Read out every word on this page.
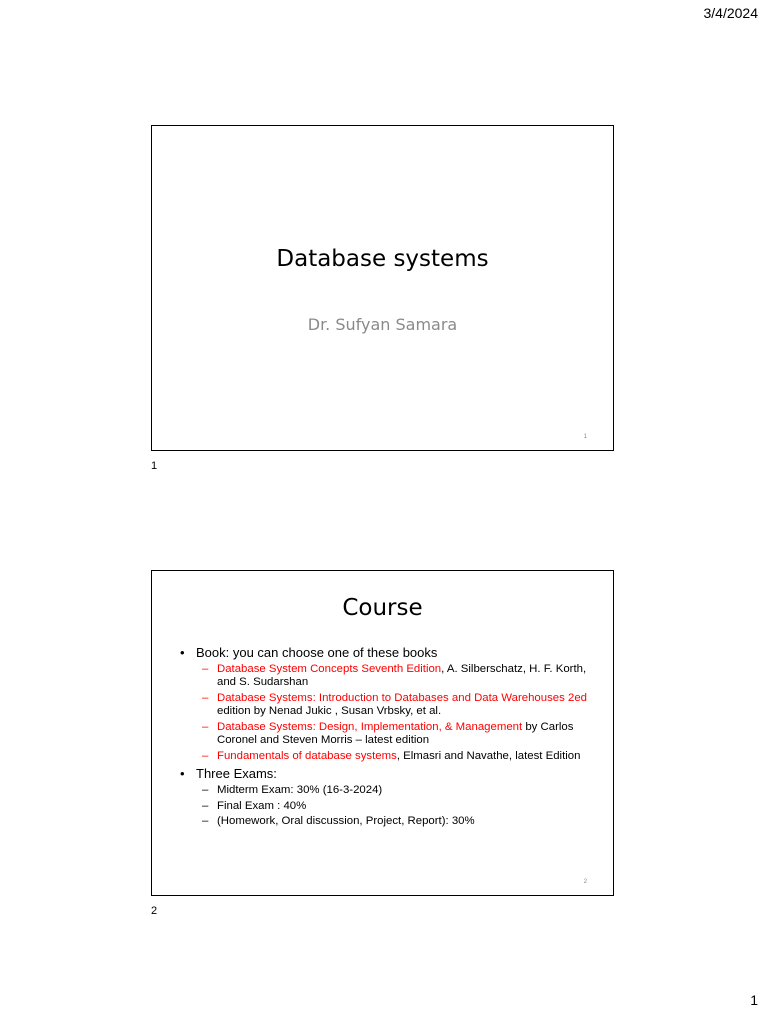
3/4/2024
Database systems
Dr. Sufyan Samara
1
1
Course
• Book: you can choose one of these books
– Database System Concepts Seventh Edition, A. Silberschatz, H. F. Korth, and S. Sudarshan
– Database Systems: Introduction to Databases and Data Warehouses 2ed edition by Nenad Jukic , Susan Vrbsky, et al.
– Database Systems: Design, Implementation, & Management by Carlos Coronel and Steven Morris – latest edition
– Fundamentals of database systems, Elmasri and Navathe, latest Edition
• Three Exams:
– Midterm Exam: 30% (16-3-2024)
– Final Exam : 40%
– (Homework, Oral discussion, Project, Report): 30%
2
2
1
